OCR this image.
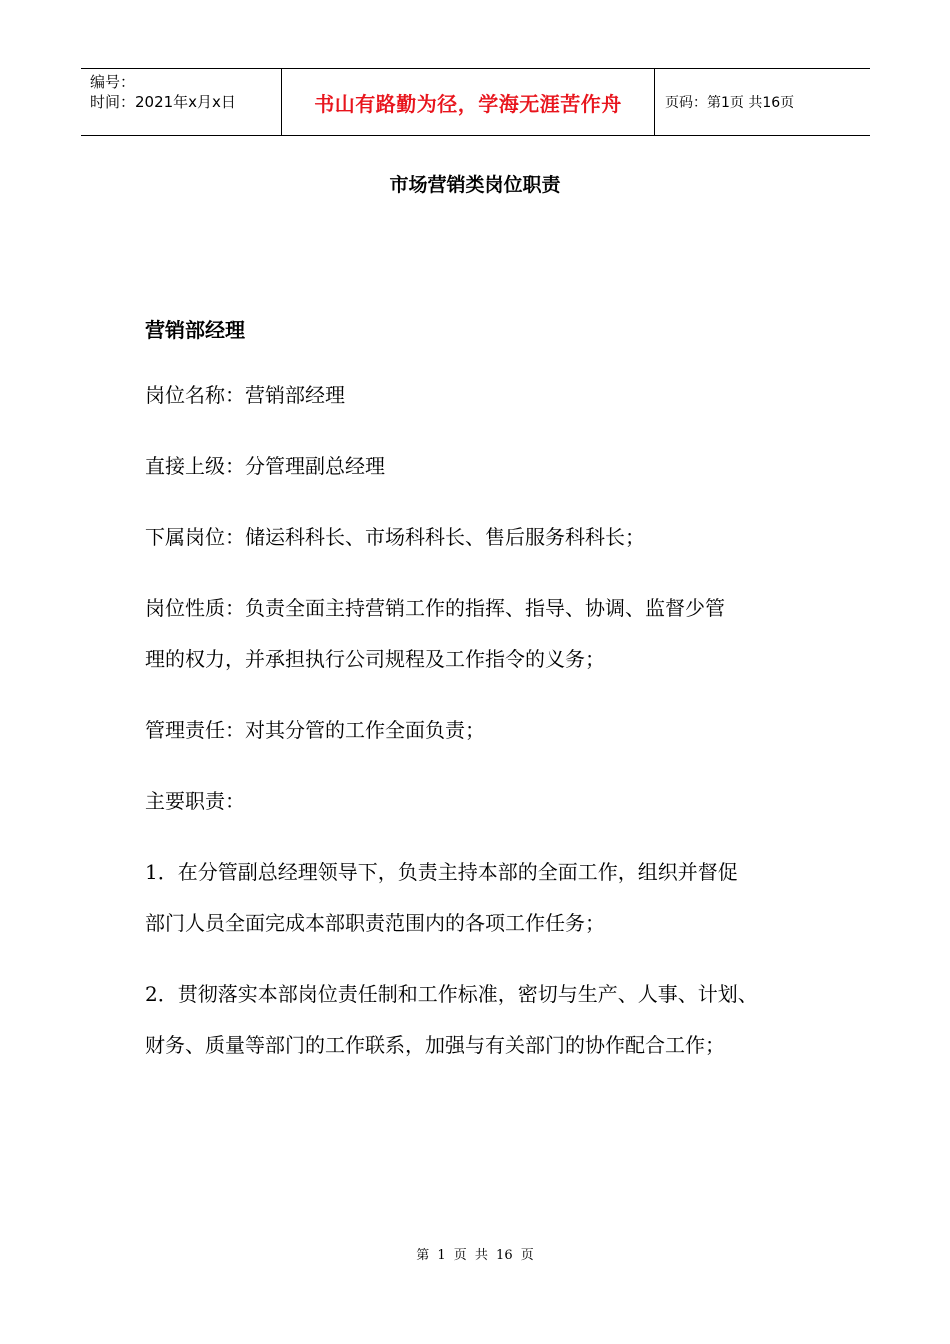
编号：
时间：2021年x月x日	书山有路勤为径，学海无涯苦作舟	页码：第1页 共16页
市场营销类岗位职责
营销部经理
岗位名称：营销部经理
直接上级：分管理副总经理
下属岗位：储运科科长、市场科科长、售后服务科科长；
岗位性质：负责全面主持营销工作的指挥、指导、协调、监督少管
理的权力，并承担执行公司规程及工作指令的义务；
管理责任：对其分管的工作全面负责；
主要职责：
1．在分管副总经理领导下，负责主持本部的全面工作，组织并督促
部门人员全面完成本部职责范围内的各项工作任务；
2．贯彻落实本部岗位责任制和工作标准，密切与生产、人事、计划、
财务、质量等部门的工作联系，加强与有关部门的协作配合工作；
第 1 页 共 16 页
